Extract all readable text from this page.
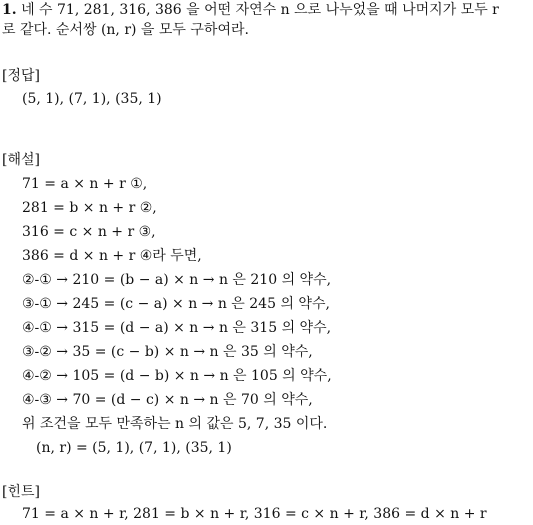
1. 네 수 71, 281, 316, 386 을 어떤 자연수 n 으로 나누었을 때 나머지가 모두 r
로 같다. 순서쌍 (n, r) 을 모두 구하여라.
[정답]
(5, 1), (7, 1), (35, 1)
[해설]
71 = a × n + r ①,
281 = b × n + r ②,
316 = c × n + r ③,
386 = d × n + r ④라 두면,
②-① → 210 = (b − a) × n → n 은 210 의 약수,
③-① → 245 = (c − a) × n → n 은 245 의 약수,
④-① → 315 = (d − a) × n → n 은 315 의 약수,
③-② → 35 = (c − b) × n → n 은 35 의 약수,
④-② → 105 = (d − b) × n → n 은 105 의 약수,
④-③ → 70 = (d − c) × n → n 은 70 의 약수,
위 조건을 모두 만족하는 n 의 값은 5, 7, 35 이다.
(n, r) = (5, 1), (7, 1), (35, 1)
[힌트]
71 = a × n + r, 281 = b × n + r, 316 = c × n + r, 386 = d × n + r
